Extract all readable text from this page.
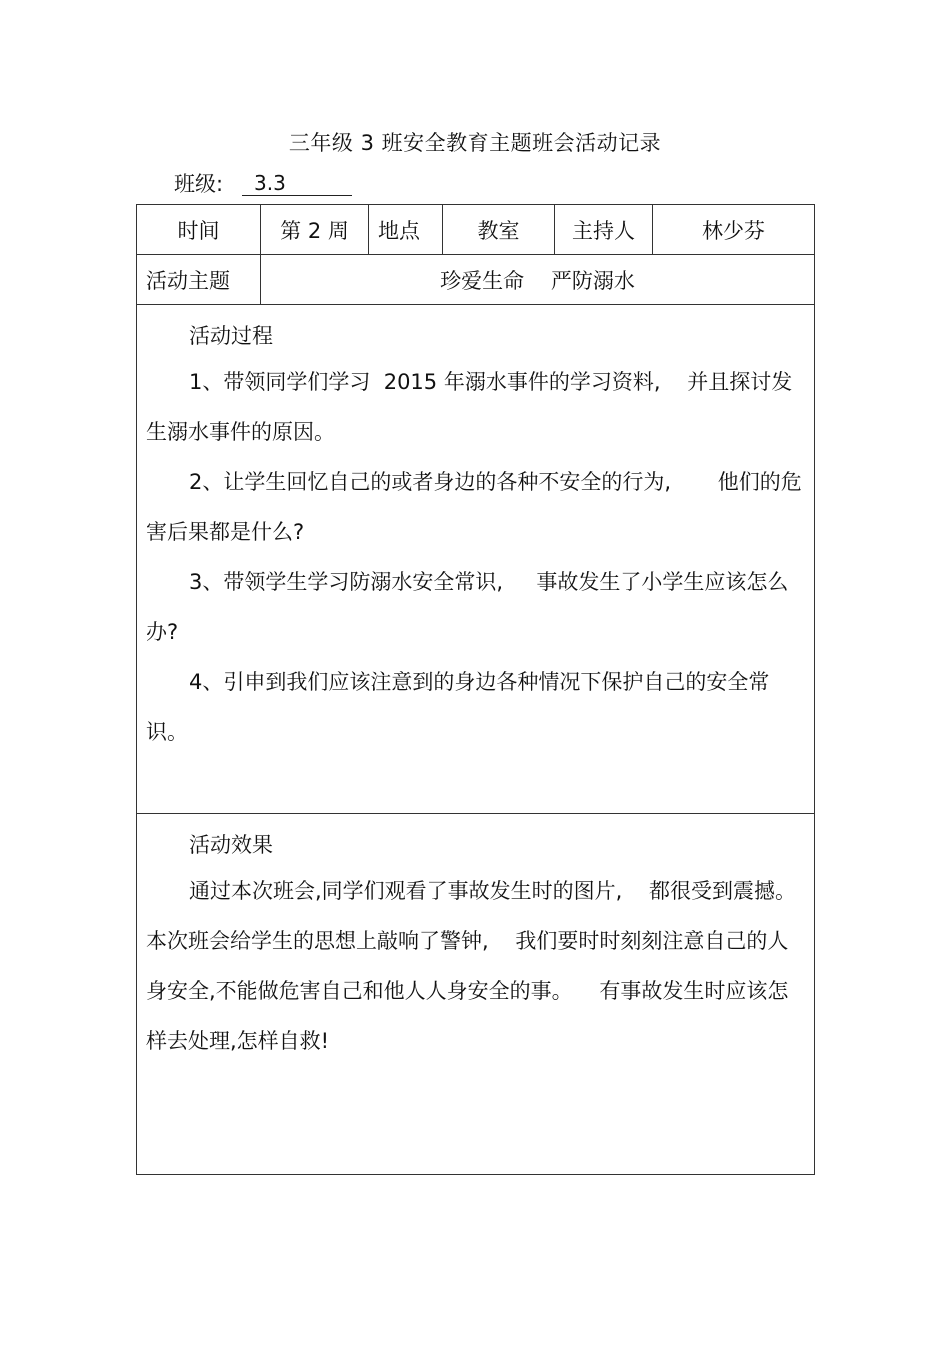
三年级 3 班安全教育主题班会活动记录
班级:	3.3
时间	第 2 周	地点	教室	主持人	林少芬
活动主题	珍爱生命    严防溺水				

活动过程
1、带领同学们学习  2015 年溺水事件的学习资料,    并且探讨发生溺水事件的原因。
2、让学生回忆自己的或者身边的各种不安全的行为,       他们的危害后果都是什么?
3、带领学生学习防溺水安全常识,     事故发生了小学生应该怎么办?
4、引申到我们应该注意到的身边各种情况下保护自己的安全常识。					

活动效果
通过本次班会,同学们观看了事故发生时的图片,    都很受到震撼。本次班会给学生的思想上敲响了警钟,    我们要时时刻刻注意自己的人身安全,不能做危害自己和他人人身安全的事。    有事故发生时应该怎样去处理,怎样自救!					
